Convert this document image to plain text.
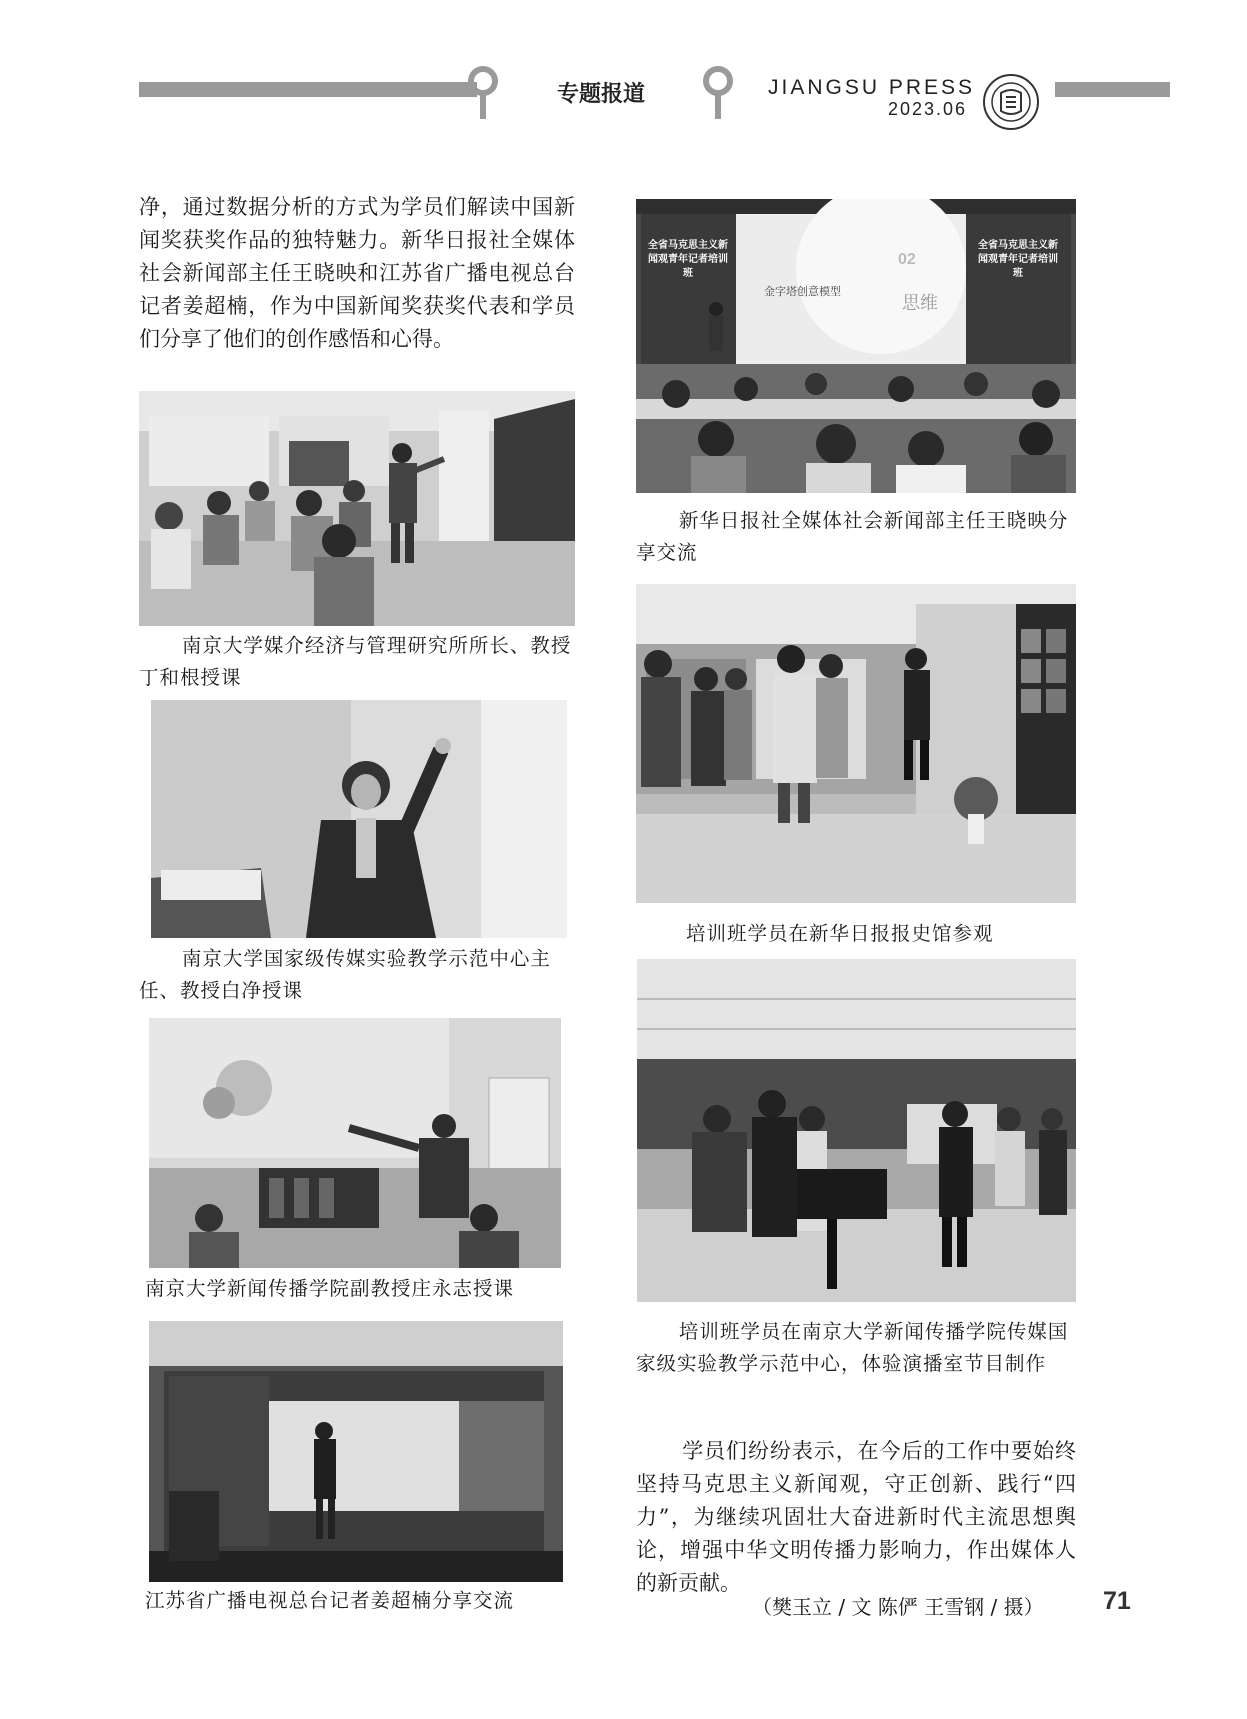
专题报道	JIANGSU PRESS
2023.06

净，通过数据分析的方式为学员们解读中国新闻奖获奖作品的独特魅力。新华日报社全媒体社会新闻部主任王晓映和江苏省广播电视总台记者姜超楠，作为中国新闻奖获奖代表和学员们分享了他们的创作感悟和心得。

南京大学媒介经济与管理研究所所长、教授丁和根授课

南京大学国家级传媒实验教学示范中心主任、教授白净授课

南京大学新闻传播学院副教授庄永志授课

江苏省广播电视总台记者姜超楠分享交流

全省马克思主义新闻观青年记者培训班
金字塔创意模型
02
思维
全省马克思主义新闻观青年记者培训班

新华日报社全媒体社会新闻部主任王晓映分享交流

培训班学员在新华日报报史馆参观

培训班学员在南京大学新闻传播学院传媒国家级实验教学示范中心，体验演播室节目制作

学员们纷纷表示，在今后的工作中要始终坚持马克思主义新闻观，守正创新、践行“四力”，为继续巩固壮大奋进新时代主流思想舆论，增强中华文明传播力影响力，作出媒体人的新贡献。

（樊玉立 / 文 陈俨 王雪钢 / 摄） 71
